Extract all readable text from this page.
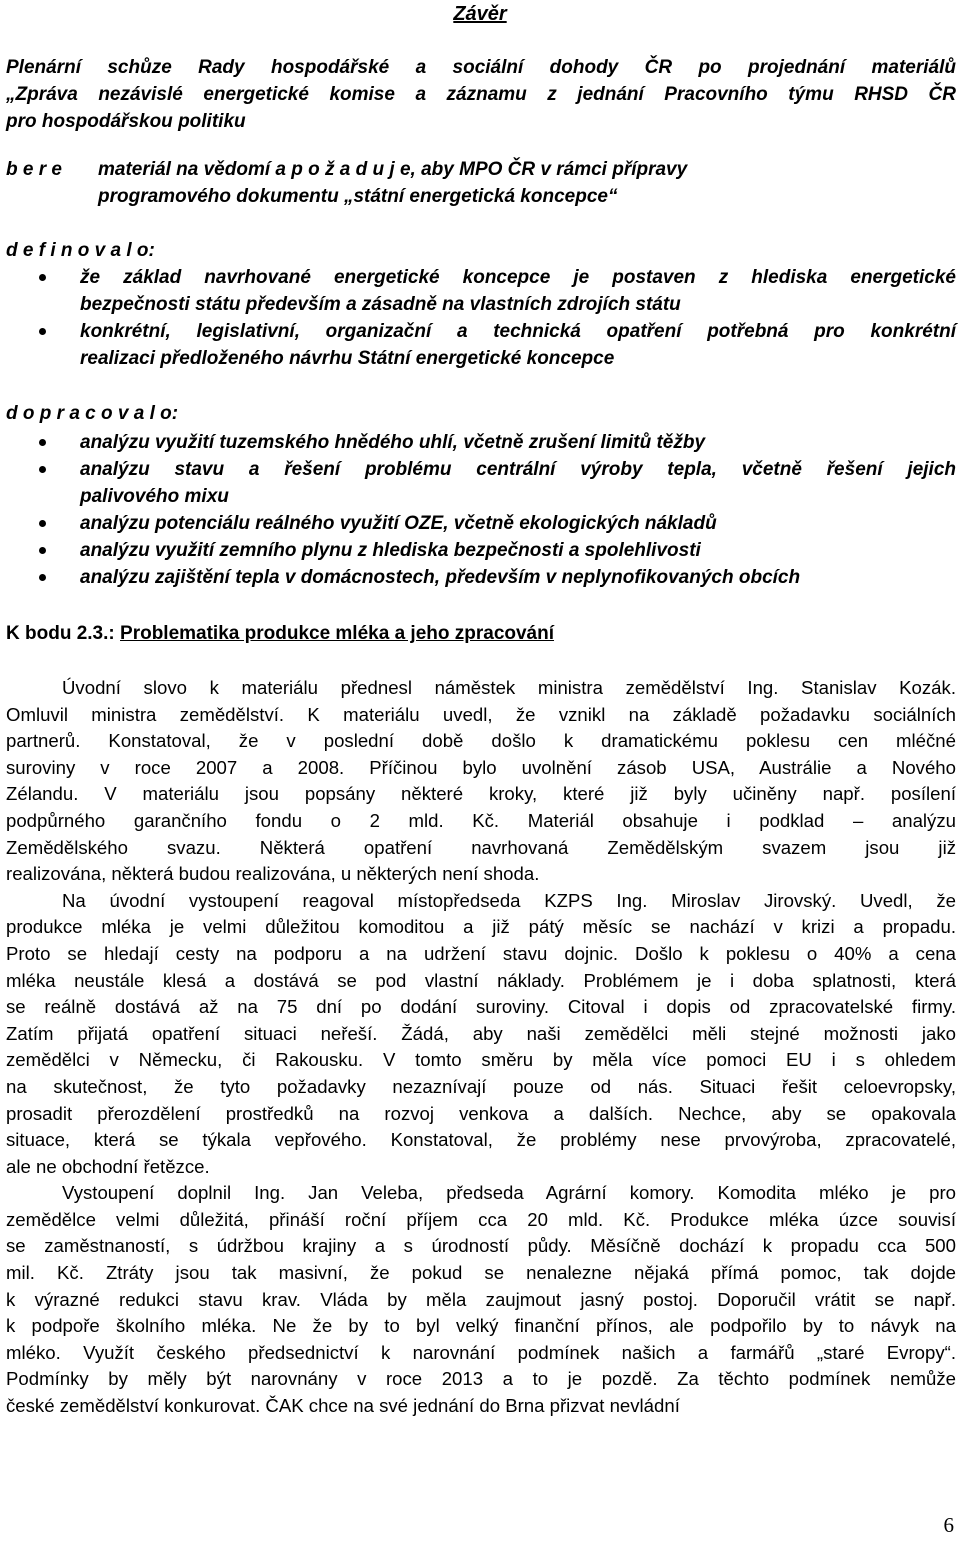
Závěr
Plenární schůze Rady hospodářské a sociální dohody ČR po projednání materiálů
„Zpráva nezávislé energetické komise a záznamu z jednání Pracovního týmu RHSD ČR
pro hospodářskou politiku
b e r e materiál na vědomí a p o ž a d u j e, aby MPO ČR v rámci přípravy
programového dokumentu „státní energetická koncepce“
d e f i n o v a l o:
že základ navrhované energetické koncepce je postaven z hlediska energetické
bezpečnosti státu především a zásadně na vlastních zdrojích státu
konkrétní, legislativní, organizační a technická opatření potřebná pro konkrétní
realizaci předloženého návrhu Státní energetické koncepce
d o p r a c o v a l o:
analýzu využití tuzemského hnědého uhlí, včetně zrušení limitů těžby
analýzu stavu a řešení problému centrální výroby tepla, včetně řešení jejich
palivového mixu
analýzu potenciálu reálného využití OZE, včetně ekologických nákladů
analýzu využití zemního plynu z hlediska bezpečnosti a spolehlivosti
analýzu zajištění tepla v domácnostech, především v neplynofikovaných obcích
K bodu 2.3.: Problematika produkce mléka a jeho zpracování
Úvodní slovo k materiálu přednesl náměstek ministra zemědělství Ing. Stanislav Kozák.
Omluvil ministra zemědělství. K materiálu uvedl, že vznikl na základě požadavku sociálních
partnerů. Konstatoval, že v poslední době došlo k dramatickému poklesu cen mléčné
suroviny v roce 2007 a 2008. Příčinou bylo uvolnění zásob USA, Austrálie a Nového
Zélandu. V materiálu jsou popsány některé kroky, které již byly učiněny např. posílení
podpůrného garančního fondu o 2 mld. Kč. Materiál obsahuje i podklad – analýzu
Zemědělského svazu. Některá opatření navrhovaná Zemědělským svazem jsou již
realizována, některá budou realizována, u některých není shoda.
Na úvodní vystoupení reagoval místopředseda KZPS Ing. Miroslav Jirovský. Uvedl, že
produkce mléka je velmi důležitou komoditou a již pátý měsíc se nachází v krizi a propadu.
Proto se hledají cesty na podporu a na udržení stavu dojnic. Došlo k poklesu o 40% a cena
mléka neustále klesá a dostává se pod vlastní náklady. Problémem je i doba splatnosti, která
se reálně dostává až na 75 dní po dodání suroviny. Citoval i dopis od zpracovatelské firmy.
Zatím přijatá opatření situaci neřeší. Žádá, aby naši zemědělci měli stejné možnosti jako
zemědělci v Německu, či Rakousku. V tomto směru by měla více pomoci EU i s ohledem
na skutečnost, že tyto požadavky nezaznívají pouze od nás. Situaci řešit celoevropsky,
prosadit přerozdělení prostředků na rozvoj venkova a dalších. Nechce, aby se opakovala
situace, která se týkala vepřového. Konstatoval, že problémy nese prvovýroba, zpracovatelé,
ale ne obchodní řetězce.
Vystoupení doplnil Ing. Jan Veleba, předseda Agrární komory. Komodita mléko je pro
zemědělce velmi důležitá, přináší roční příjem cca 20 mld. Kč. Produkce mléka úzce souvisí
se zaměstnaností, s údržbou krajiny a s úrodností půdy. Měsíčně dochází k propadu cca 500
mil. Kč. Ztráty jsou tak masivní, že pokud se nenalezne nějaká přímá pomoc, tak dojde
k výrazné redukci stavu krav. Vláda by měla zaujmout jasný postoj. Doporučil vrátit se např.
k podpoře školního mléka. Ne že by to byl velký finanční přínos, ale podpořilo by to návyk na
mléko. Využít českého předsednictví k narovnání podmínek našich a farmářů „staré Evropy“.
Podmínky by měly být narovnány v roce 2013 a to je pozdě. Za těchto podmínek nemůže
české zemědělství konkurovat. ČAK chce na své jednání do Brna přizvat nevládní
6
